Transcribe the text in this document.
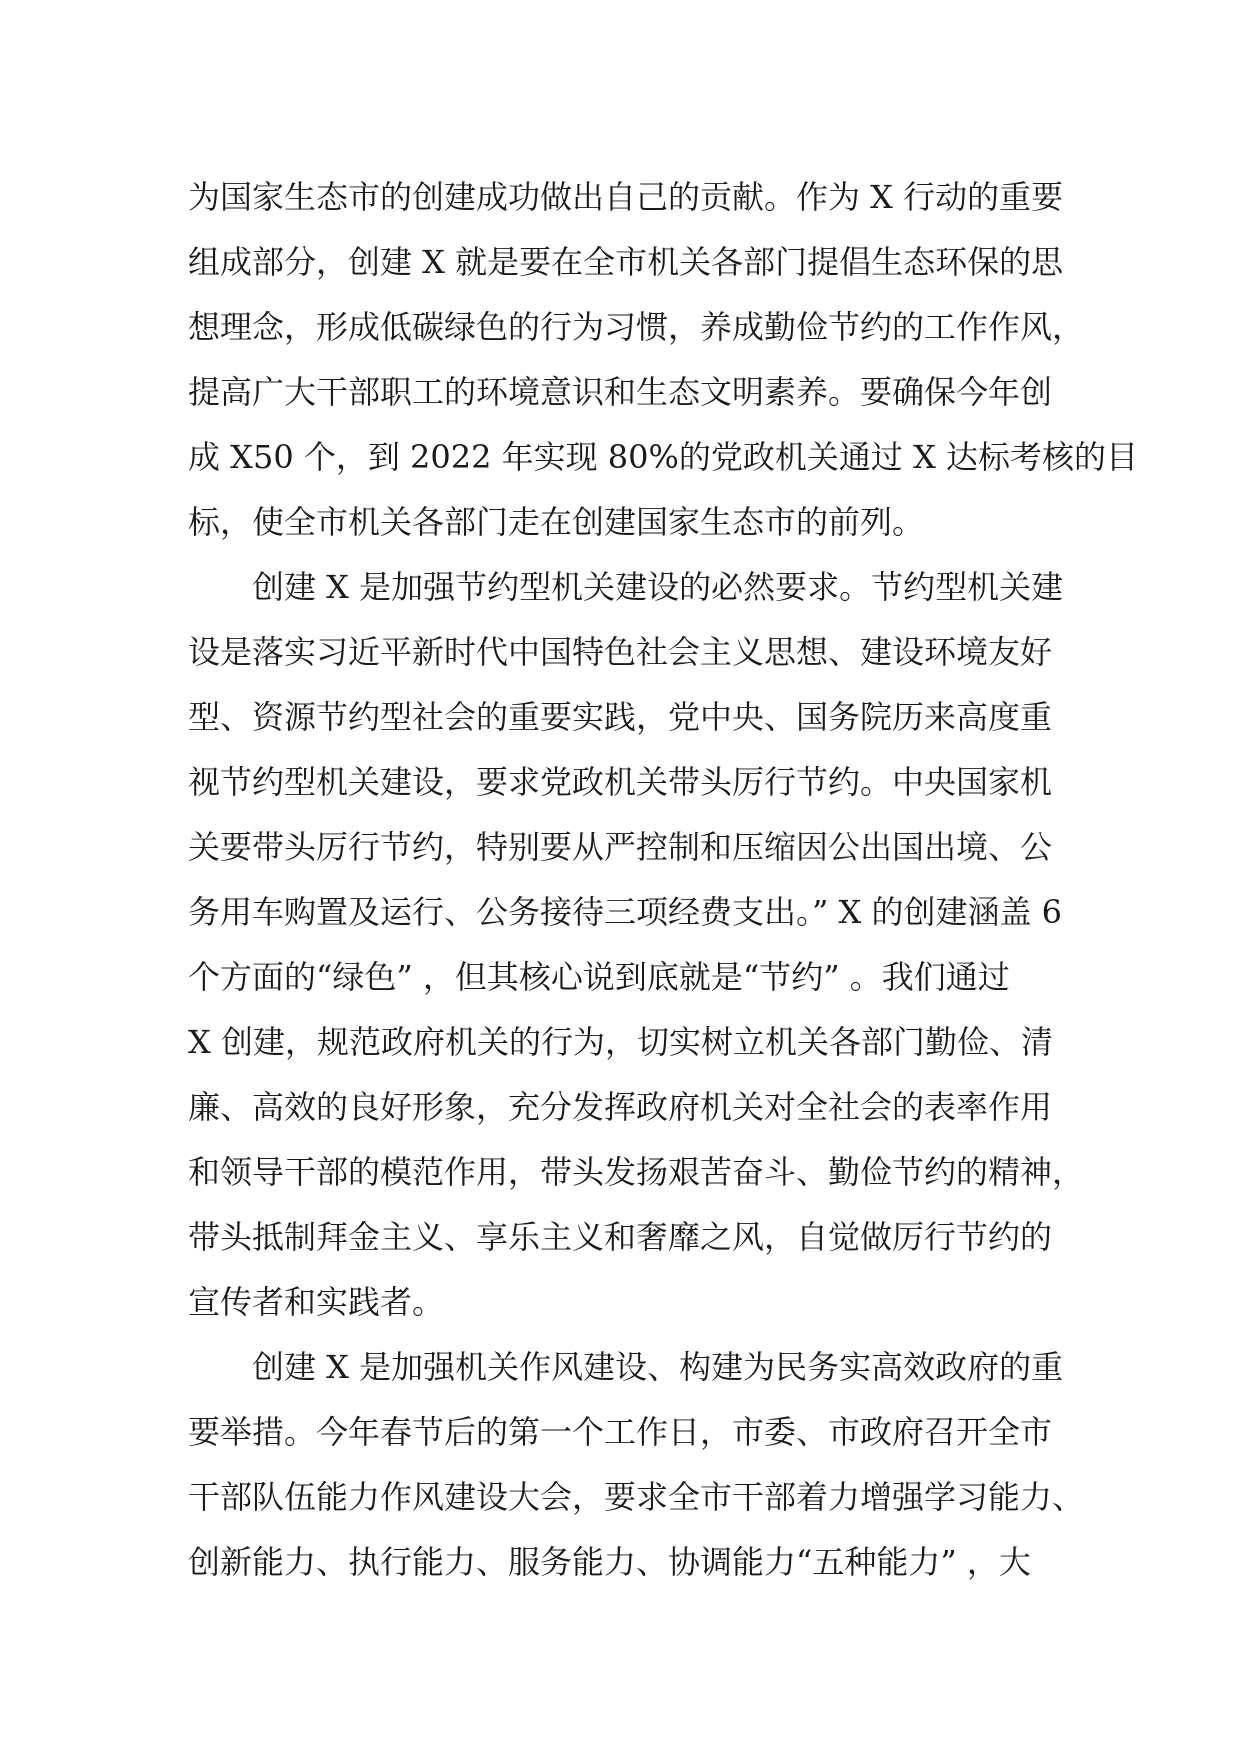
为国家生态市的创建成功做出自己的贡献。作为 X 行动的重要
组成部分，创建 X 就是要在全市机关各部门提倡生态环保的思
想理念，形成低碳绿色的行为习惯，养成勤俭节约的工作作风，
提高广大干部职工的环境意识和生态文明素养。要确保今年创
成 X50 个，到 2022 年实现 80%的党政机关通过 X 达标考核的目
标，使全市机关各部门走在创建国家生态市的前列。
创建 X 是加强节约型机关建设的必然要求。节约型机关建
设是落实习近平新时代中国特色社会主义思想、建设环境友好
型、资源节约型社会的重要实践，党中央、国务院历来高度重
视节约型机关建设，要求党政机关带头厉行节约。中央国家机
关要带头厉行节约，特别要从严控制和压缩因公出国出境、公
务用车购置及运行、公务接待三项经费支出。” X 的创建涵盖 6
个方面的“绿色” ，但其核心说到底就是“节约” 。我们通过
X 创建，规范政府机关的行为，切实树立机关各部门勤俭、清
廉、高效的良好形象，充分发挥政府机关对全社会的表率作用
和领导干部的模范作用，带头发扬艰苦奋斗、勤俭节约的精神，
带头抵制拜金主义、享乐主义和奢靡之风，自觉做厉行节约的
宣传者和实践者。
创建 X 是加强机关作风建设、构建为民务实高效政府的重
要举措。今年春节后的第一个工作日，市委、市政府召开全市
干部队伍能力作风建设大会，要求全市干部着力增强学习能力、
创新能力、执行能力、服务能力、协调能力“五种能力” ，大
